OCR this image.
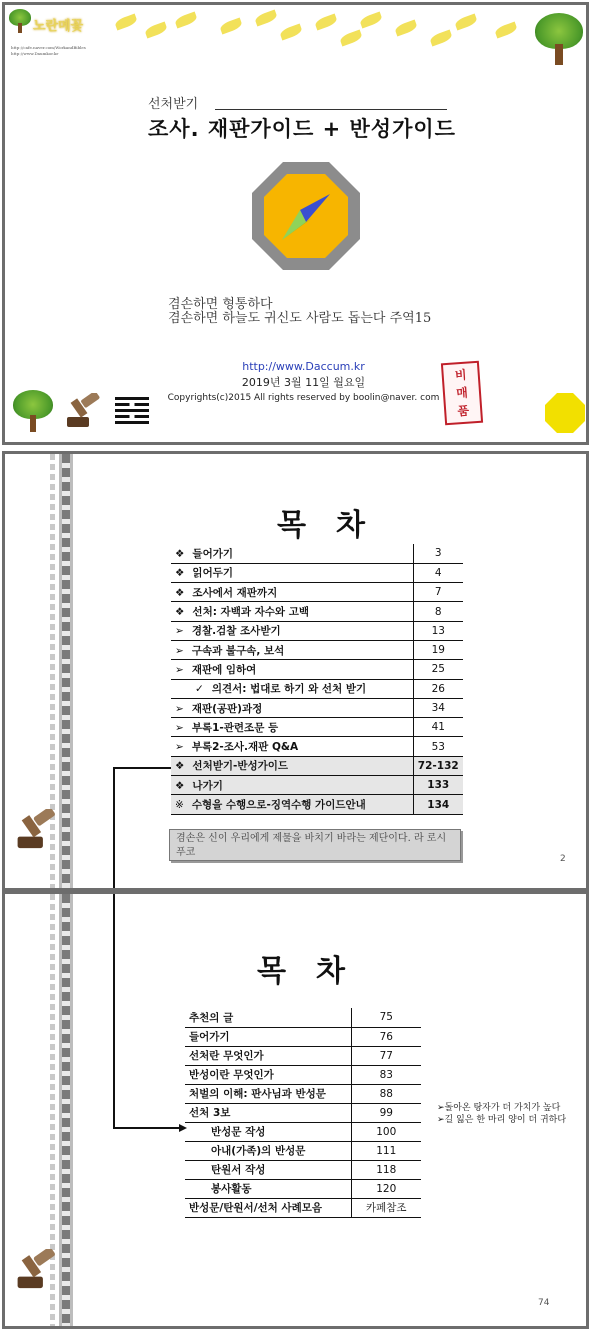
노란메꽃
http://cafe.naver.com/WorkandBibles
http://www.Daumkor.kr
선처받기
조사. 재판가이드 + 반성가이드
겸손하면 형통하다
겸손하면 하늘도 귀신도 사람도 돕는다 주역15
http://www.Daccum.kr
2019년 3월 11일 월요일
Copyrights(c)2015 All rights reserved by boolin@naver. com
비
매
품
목차
❖ 들어가기	3
❖ 읽어두기	4
❖ 조사에서 재판까지	7
❖ 선처: 자백과 자수와 고백	8
➢ 경찰.검찰 조사받기	13
➢ 구속과 불구속, 보석	19
➢ 재판에 임하여	25
✓ 의견서: 법대로 하기 와 선처 받기	26
➢ 재판(공판)과정	34
➢ 부록1-관련조문 등	41
➢ 부록2-조사.재판 Q&A	53
❖ 선처받기-반성가이드	72-132
❖ 나가기	133
※ 수형을 수행으로-징역수행 가이드안내	134
겸손은 신이 우리에게 제물을 바치기 바라는 제단이다. 라 로시푸코
2
목차
추천의 글	75
들어가기	76
선처란 무엇인가	77
반성이란 무엇인가	83
처벌의 이해: 판사님과 반성문	88
선처 3보	99
반성문 작성	100
아내(가족)의 반성문	111
탄원서 작성	118
봉사활동	120
반성문/탄원서/선처 사례모음	카페참조
➢돌아온 탕자가 더 가치가 높다
➢길 잃은 한 마리 양이 더 귀하다
74
